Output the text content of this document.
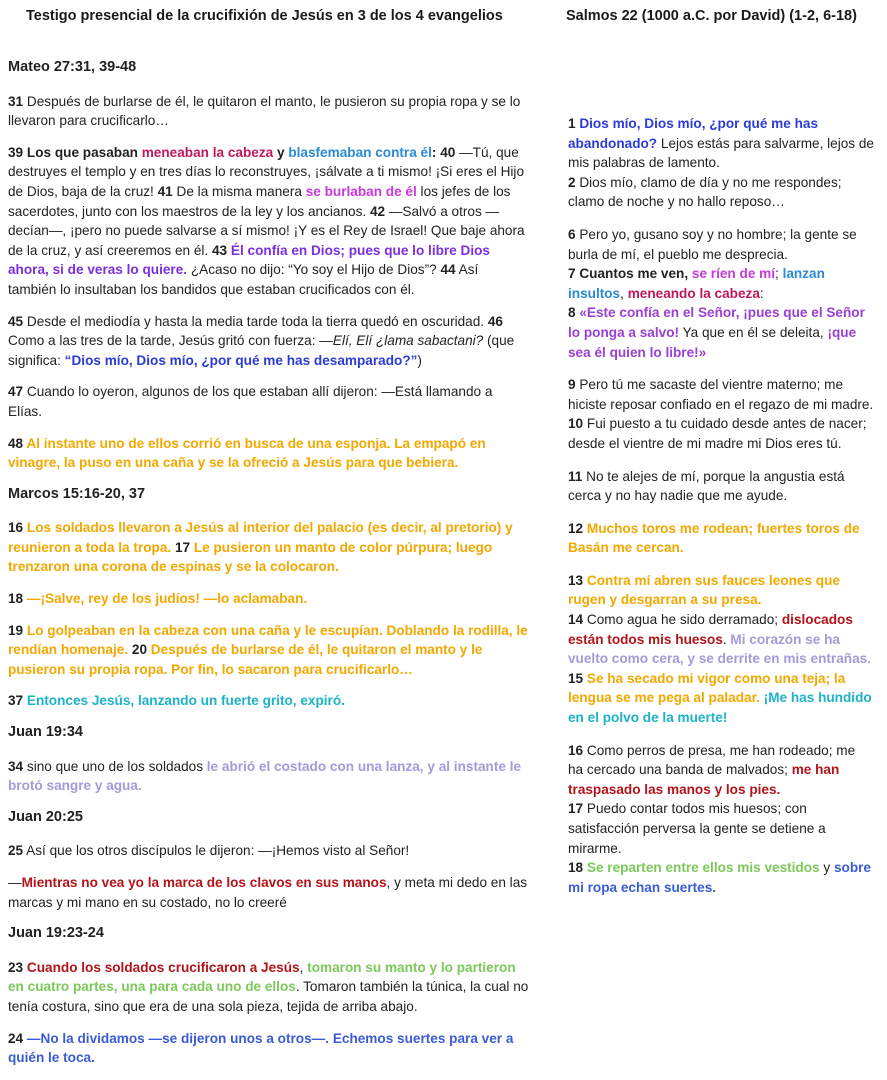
Testigo presencial de la crucifixión de Jesús en 3 de los 4 evangelios	Salmos 22 (1000 a.C. por David) (1-2, 6-18)
Mateo 27:31, 39-48
31 Después de burlarse de él, le quitaron el manto, le pusieron su propia ropa y se lo llevaron para crucificarlo…
39 Los que pasaban meneaban la cabeza y blasfemaban contra él: 40 —Tú, que destruyes el templo y en tres días lo reconstruyes, ¡sálvate a ti mismo! ¡Si eres el Hijo de Dios, baja de la cruz! 41 De la misma manera se burlaban de él los jefes de los sacerdotes, junto con los maestros de la ley y los ancianos. 42 —Salvó a otros —decían—, ¡pero no puede salvarse a sí mismo! ¡Y es el Rey de Israel! Que baje ahora de la cruz, y así creeremos en él. 43 Él confía en Dios; pues que lo libre Dios ahora, si de veras lo quiere. ¿Acaso no dijo: “Yo soy el Hijo de Dios”? 44 Así también lo insultaban los bandidos que estaban crucificados con él.
45 Desde el mediodía y hasta la media tarde toda la tierra quedó en oscuridad. 46 Como a las tres de la tarde, Jesús gritó con fuerza: —Elí, Elí ¿lama sabactani? (que significa: “Dios mío, Dios mío, ¿por qué me has desamparado?”)
47 Cuando lo oyeron, algunos de los que estaban allí dijeron: —Está llamando a Elías.
48 Al instante uno de ellos corrió en busca de una esponja. La empapó en vinagre, la puso en una caña y se la ofreció a Jesús para que bebiera.
Marcos 15:16-20, 37
16 Los soldados llevaron a Jesús al interior del palacio (es decir, al pretorio) y reunieron a toda la tropa. 17 Le pusieron un manto de color púrpura; luego trenzaron una corona de espinas y se la colocaron.
18 —¡Salve, rey de los judíos! —lo aclamaban.
19 Lo golpeaban en la cabeza con una caña y le escupían. Doblando la rodilla, le rendían homenaje. 20 Después de burlarse de él, le quitaron el manto y le pusieron su propia ropa. Por fin, lo sacaron para crucificarlo…
37 Entonces Jesús, lanzando un fuerte grito, expiró.
Juan 19:34
34 sino que uno de los soldados le abrió el costado con una lanza, y al instante le brotó sangre y agua.
Juan 20:25
25 Así que los otros discípulos le dijeron: —¡Hemos visto al Señor!
—Mientras no vea yo la marca de los clavos en sus manos, y meta mi dedo en las marcas y mi mano en su costado, no lo creeré
Juan 19:23-24
23 Cuando los soldados crucificaron a Jesús, tomaron su manto y lo partieron en cuatro partes, una para cada uno de ellos. Tomaron también la túnica, la cual no tenía costura, sino que era de una sola pieza, tejida de arriba abajo.
24 —No la dividamos —se dijeron unos a otros—. Echemos suertes para ver a quién le toca.
1 Dios mío, Dios mío, ¿por qué me has abandonado? Lejos estás para salvarme, lejos de mis palabras de lamento.
2 Dios mío, clamo de día y no me respondes; clamo de noche y no hallo reposo…
6 Pero yo, gusano soy y no hombre; la gente se burla de mí, el pueblo me desprecia.
7 Cuantos me ven, se ríen de mí; lanzan insultos, meneando la cabeza:
8 «Este confía en el Señor, ¡pues que el Señor lo ponga a salvo! Ya que en él se deleita, ¡que sea él quien lo libre!»
9 Pero tú me sacaste del vientre materno; me hiciste reposar confiado en el regazo de mi madre.
10 Fui puesto a tu cuidado desde antes de nacer; desde el vientre de mi madre mi Dios eres tú.
11 No te alejes de mí, porque la angustia está cerca y no hay nadie que me ayude.
12 Muchos toros me rodean; fuertes toros de Basán me cercan.
13 Contra mí abren sus fauces leones que rugen y desgarran a su presa.
14 Como agua he sido derramado; dislocados están todos mis huesos. Mi corazón se ha vuelto como cera, y se derrite en mis entrañas.
15 Se ha secado mi vigor como una teja; la lengua se me pega al paladar. ¡Me has hundido en el polvo de la muerte!
16 Como perros de presa, me han rodeado; me ha cercado una banda de malvados; me han traspasado las manos y los pies.
17 Puedo contar todos mis huesos; con satisfacción perversa la gente se detiene a mirarme.
18 Se reparten entre ellos mis vestidos y sobre mi ropa echan suertes.
